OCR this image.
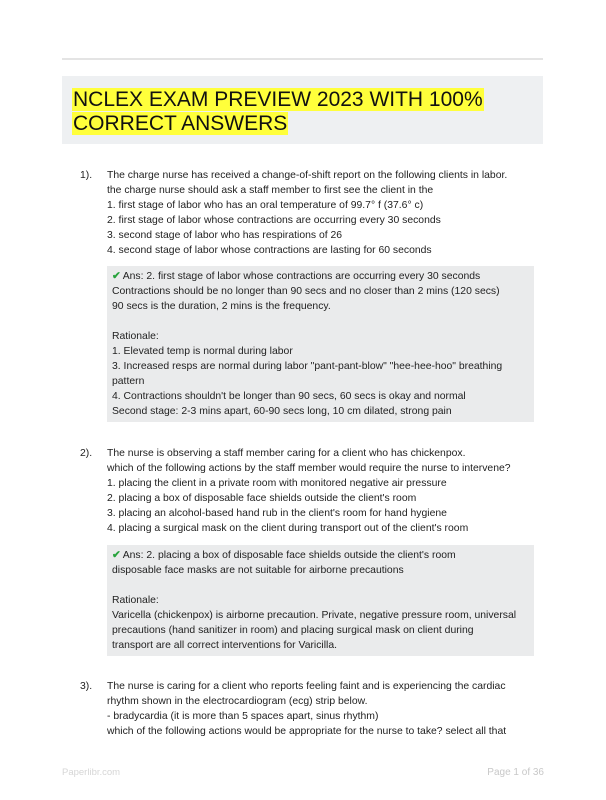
NCLEX EXAM PREVIEW 2023 WITH 100%
CORRECT ANSWERS
1). The charge nurse has received a change-of-shift report on the following clients in labor.
the charge nurse should ask a staff member to first see the client in the
1. first stage of labor who has an oral temperature of 99.7° f (37.6° c)
2. first stage of labor whose contractions are occurring every 30 seconds
3. second stage of labor who has respirations of 26
4. second stage of labor whose contractions are lasting for 60 seconds
✔ Ans: 2. first stage of labor whose contractions are occurring every 30 seconds
Contractions should be no longer than 90 secs and no closer than 2 mins (120 secs)
90 secs is the duration, 2 mins is the frequency.
Rationale:
1. Elevated temp is normal during labor
3. Increased resps are normal during labor "pant-pant-blow" "hee-hee-hoo" breathing
pattern
4. Contractions shouldn't be longer than 90 secs, 60 secs is okay and normal
Second stage: 2-3 mins apart, 60-90 secs long, 10 cm dilated, strong pain
2). The nurse is observing a staff member caring for a client who has chickenpox.
which of the following actions by the staff member would require the nurse to intervene?
1. placing the client in a private room with monitored negative air pressure
2. placing a box of disposable face shields outside the client's room
3. placing an alcohol-based hand rub in the client's room for hand hygiene
4. placing a surgical mask on the client during transport out of the client's room
✔ Ans: 2. placing a box of disposable face shields outside the client's room
disposable face masks are not suitable for airborne precautions
Rationale:
Varicella (chickenpox) is airborne precaution. Private, negative pressure room, universal
precautions (hand sanitizer in room) and placing surgical mask on client during
transport are all correct interventions for Varicilla.
3). The nurse is caring for a client who reports feeling faint and is experiencing the cardiac
rhythm shown in the electrocardiogram (ecg) strip below.
- bradycardia (it is more than 5 spaces apart, sinus rhythm)
which of the following actions would be appropriate for the nurse to take? select all that
Paperlibr.com	Page 1 of 36
